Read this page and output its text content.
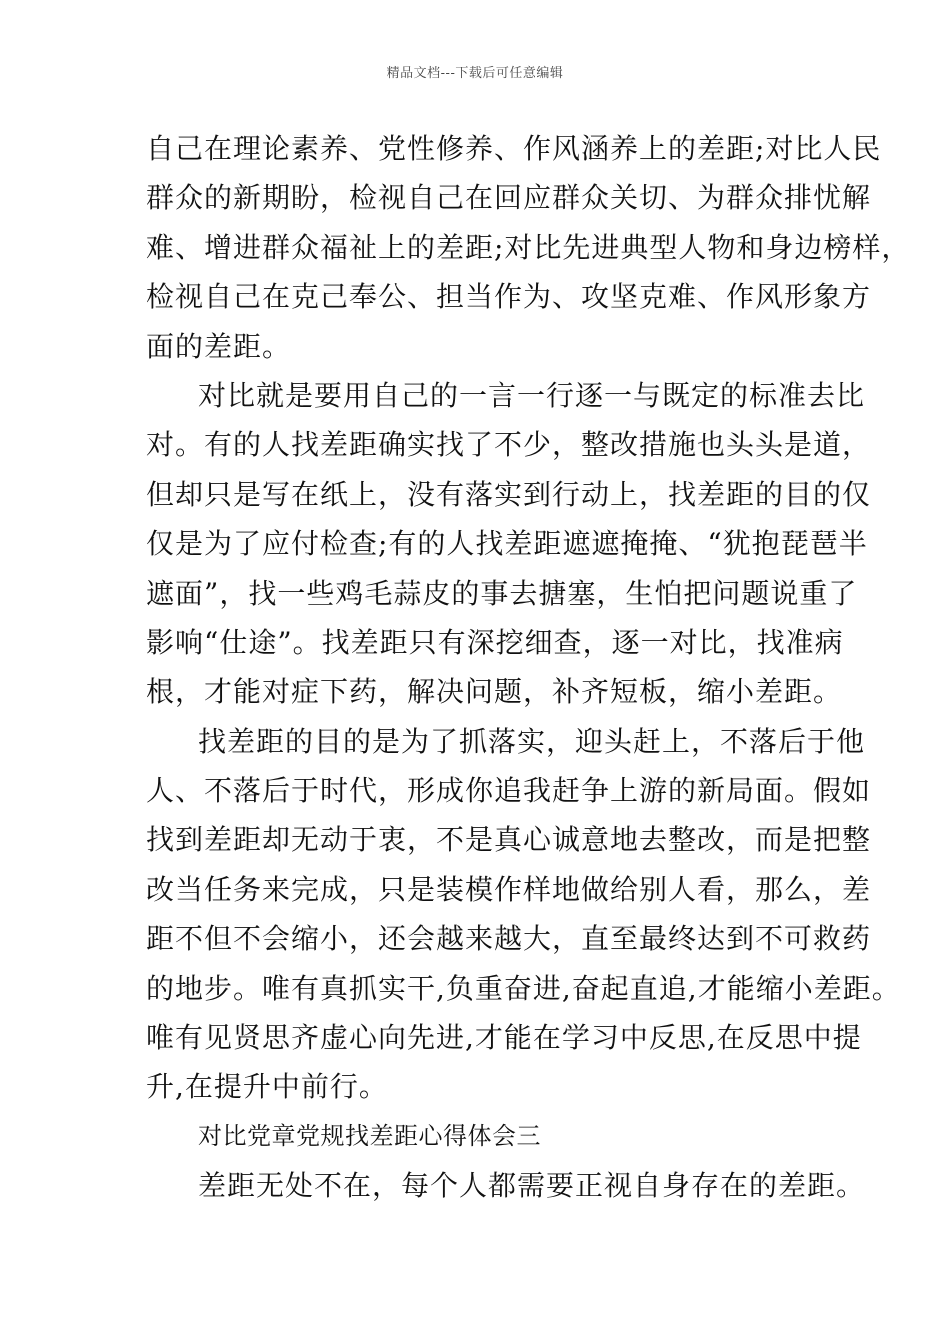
精品文档---下载后可任意编辑
自己在理论素养、党性修养、作风涵养上的差距;对比人民
群众的新期盼，检视自己在回应群众关切、为群众排忧解
难、增进群众福祉上的差距;对比先进典型人物和身边榜样，
检视自己在克己奉公、担当作为、攻坚克难、作风形象方
面的差距。
对比就是要用自己的一言一行逐一与既定的标准去比
对。有的人找差距确实找了不少，整改措施也头头是道，
但却只是写在纸上，没有落实到行动上，找差距的目的仅
仅是为了应付检查;有的人找差距遮遮掩掩、“犹抱琵琶半
遮面”，找一些鸡毛蒜皮的事去搪塞，生怕把问题说重了
影响“仕途”。找差距只有深挖细查，逐一对比，找准病
根，才能对症下药，解决问题，补齐短板，缩小差距。
找差距的目的是为了抓落实，迎头赶上，不落后于他
人、不落后于时代，形成你追我赶争上游的新局面。假如
找到差距却无动于衷，不是真心诚意地去整改，而是把整
改当任务来完成，只是装模作样地做给别人看，那么，差
距不但不会缩小，还会越来越大，直至最终达到不可救药
的地步。唯有真抓实干,负重奋进,奋起直追,才能缩小差距。
唯有见贤思齐虚心向先进,才能在学习中反思,在反思中提
升,在提升中前行。
对比党章党规找差距心得体会三
差距无处不在，每个人都需要正视自身存在的差距。
